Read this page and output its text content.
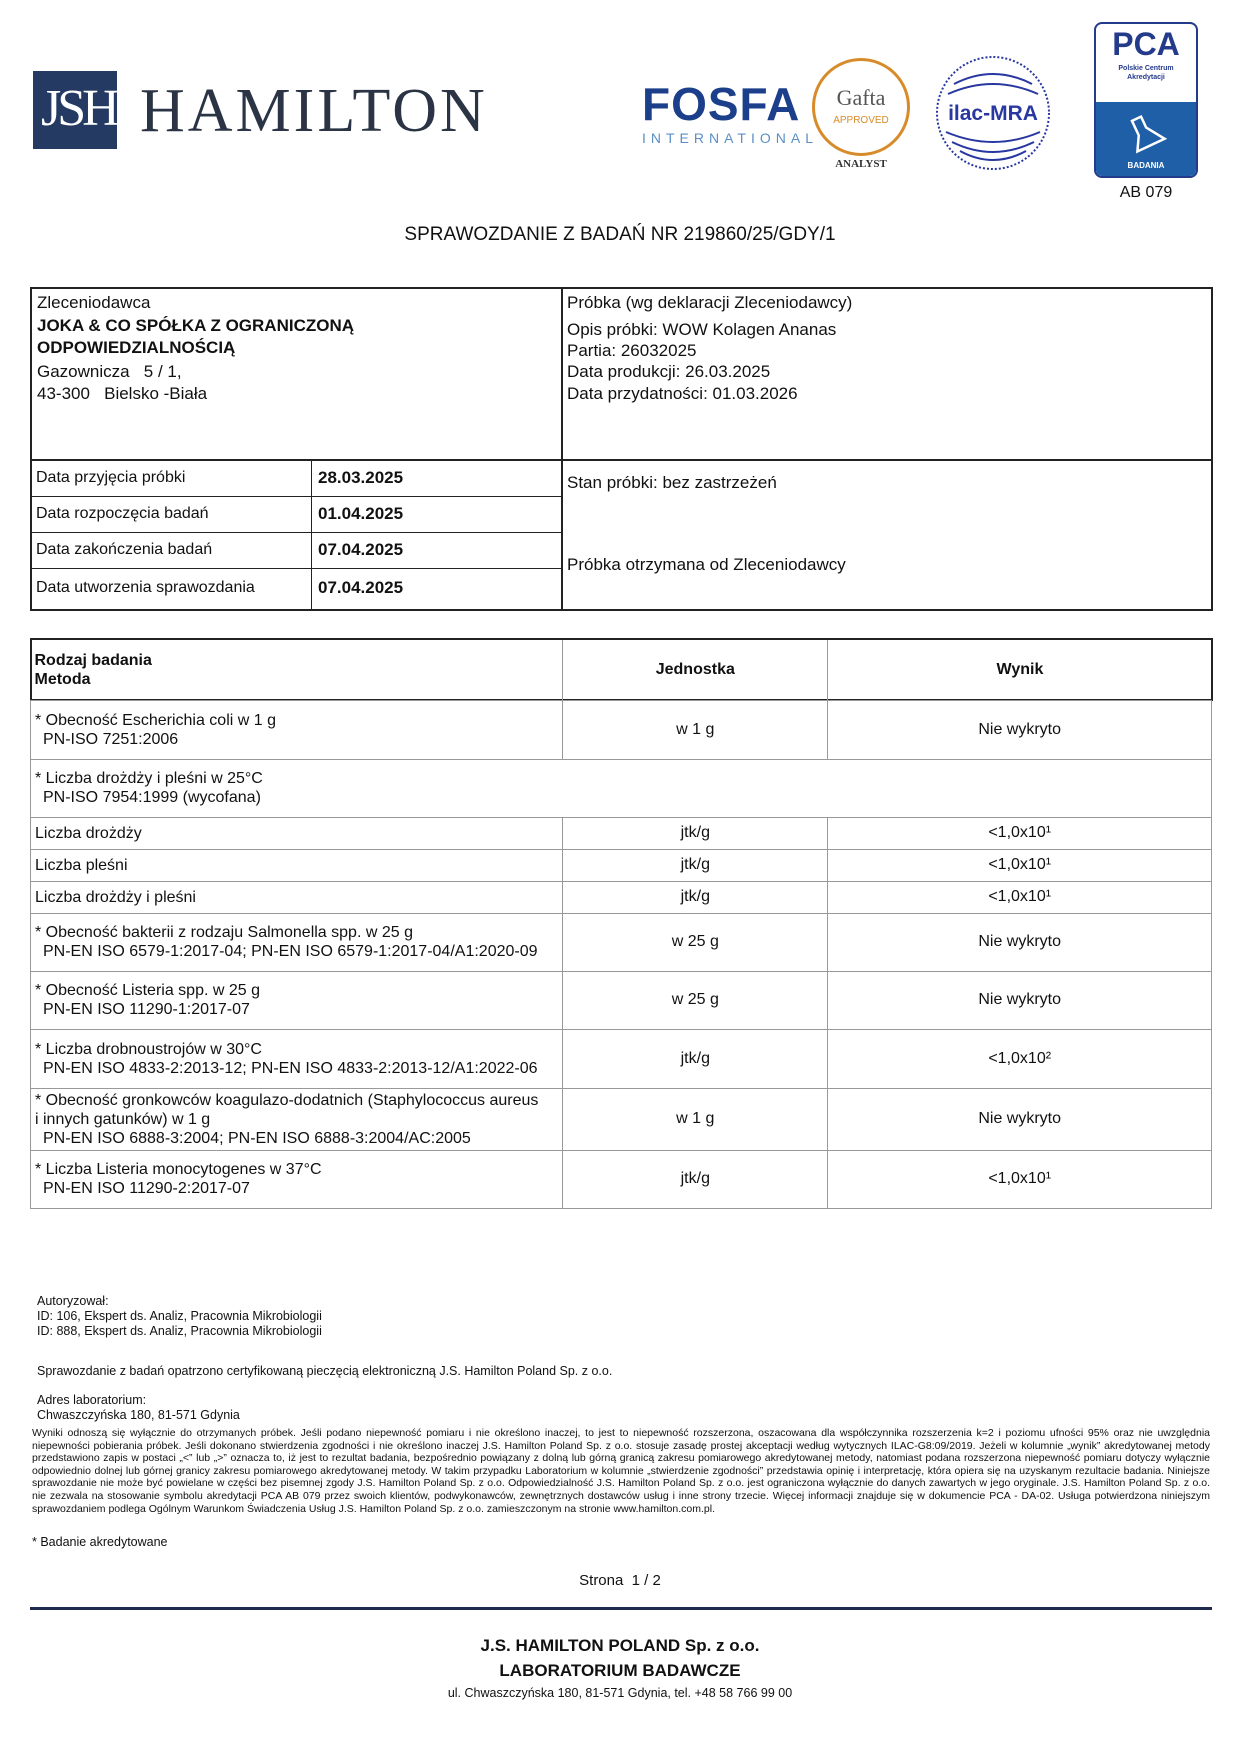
JSH HAMILTON	FOSFA
INTERNATIONAL
Gafta
APPROVED
ANALYST
ilac-MRA
PCA
Polskie Centrum
Akredytacji
BADANIA
AB 079
SPRAWOZDANIE Z BADAŃ NR 219860/25/GDY/1
Zleceniodawca
JOKA & CO SPÓŁKA Z OGRANICZONĄ
ODPOWIEDZIALNOŚCIĄ
Gazownicza   5 / 1,
43-300   Bielsko -Biała
Próbka (wg deklaracji Zleceniodawcy)
Opis próbki: WOW Kolagen Ananas
Partia: 26032025
Data produkcji: 26.03.2025
Data przydatności: 01.03.2026
Data przyjęcia próbki	28.03.2025
Data rozpoczęcia badań	01.04.2025
Data zakończenia badań	07.04.2025
Data utworzenia sprawozdania	07.04.2025
Stan próbki: bez zastrzeżeń
Próbka otrzymana od Zleceniodawcy
Rodzaj badania
Metoda	Jednostka	Wynik

* Obecność Escherichia coli w 1 g
PN-ISO 7251:2006	w 1 g	Nie wykryto

* Liczba drożdży i pleśni w 25°C
PN-ISO 7954:1999 (wycofana)		

Liczba drożdży	jtk/g	<1,0x10¹

Liczba pleśni	jtk/g	<1,0x10¹

Liczba drożdży i pleśni	jtk/g	<1,0x10¹

* Obecność bakterii z rodzaju Salmonella spp. w 25 g
PN-EN ISO 6579-1:2017-04; PN-EN ISO 6579-1:2017-04/A1:2020-09	w 25 g	Nie wykryto

* Obecność Listeria spp. w 25 g
PN-EN ISO 11290-1:2017-07	w 25 g	Nie wykryto

* Liczba drobnoustrojów w 30°C
PN-EN ISO 4833-2:2013-12; PN-EN ISO 4833-2:2013-12/A1:2022-06	jtk/g	<1,0x10²

* Obecność gronkowców koagulazo-dodatnich (Staphylococcus aureus
i innych gatunków) w 1 g
PN-EN ISO 6888-3:2004; PN-EN ISO 6888-3:2004/AC:2005	w 1 g	Nie wykryto

* Liczba Listeria monocytogenes w 37°C
PN-EN ISO 11290-2:2017-07	jtk/g	<1,0x10¹
Autoryzował:
ID: 106, Ekspert ds. Analiz, Pracownia Mikrobiologii
ID: 888, Ekspert ds. Analiz, Pracownia Mikrobiologii
Sprawozdanie z badań opatrzono certyfikowaną pieczęcią elektroniczną J.S. Hamilton Poland Sp. z o.o.
Adres laboratorium:
Chwaszczyńska 180, 81-571 Gdynia
Wyniki odnoszą się wyłącznie do otrzymanych próbek. Jeśli podano niepewność pomiaru i nie określono inaczej, to jest to niepewność rozszerzona, oszacowana dla współczynnika rozszerzenia k=2 i poziomu ufności 95% oraz nie uwzględnia niepewności pobierania próbek. Jeśli dokonano stwierdzenia zgodności i nie określono inaczej J.S. Hamilton Poland Sp. z o.o. stosuje zasadę prostej akceptacji według wytycznych ILAC-G8:09/2019. Jeżeli w kolumnie „wynik” akredytowanej metody przedstawiono zapis w postaci „<” lub „>” oznacza to, iż jest to rezultat badania, bezpośrednio powiązany z dolną lub górną granicą zakresu pomiarowego akredytowanej metody, natomiast podana rozszerzona niepewność pomiaru dotyczy wyłącznie odpowiednio dolnej lub górnej granicy zakresu pomiarowego akredytowanej metody. W takim przypadku Laboratorium w kolumnie „stwierdzenie zgodności” przedstawia opinię i interpretację, która opiera się na uzyskanym rezultacie badania. Niniejsze sprawozdanie nie może być powielane w części bez pisemnej zgody J.S. Hamilton Poland Sp. z o.o. Odpowiedzialność J.S. Hamilton Poland Sp. z o.o. jest ograniczona wyłącznie do danych zawartych w jego oryginale. J.S. Hamilton Poland Sp. z o.o. nie zezwala na stosowanie symbolu akredytacji PCA AB 079 przez swoich klientów, podwykonawców, zewnętrznych dostawców usług i inne strony trzecie. Więcej informacji znajduje się w dokumencie PCA - DA-02. Usługa potwierdzona niniejszym sprawozdaniem podlega Ogólnym Warunkom Świadczenia Usług J.S. Hamilton Poland Sp. z o.o. zamieszczonym na stronie www.hamilton.com.pl.
* Badanie akredytowane
Strona  1 / 2
J.S. HAMILTON POLAND Sp. z o.o.
LABORATORIUM BADAWCZE
ul. Chwaszczyńska 180, 81-571 Gdynia, tel. +48 58 766 99 00
